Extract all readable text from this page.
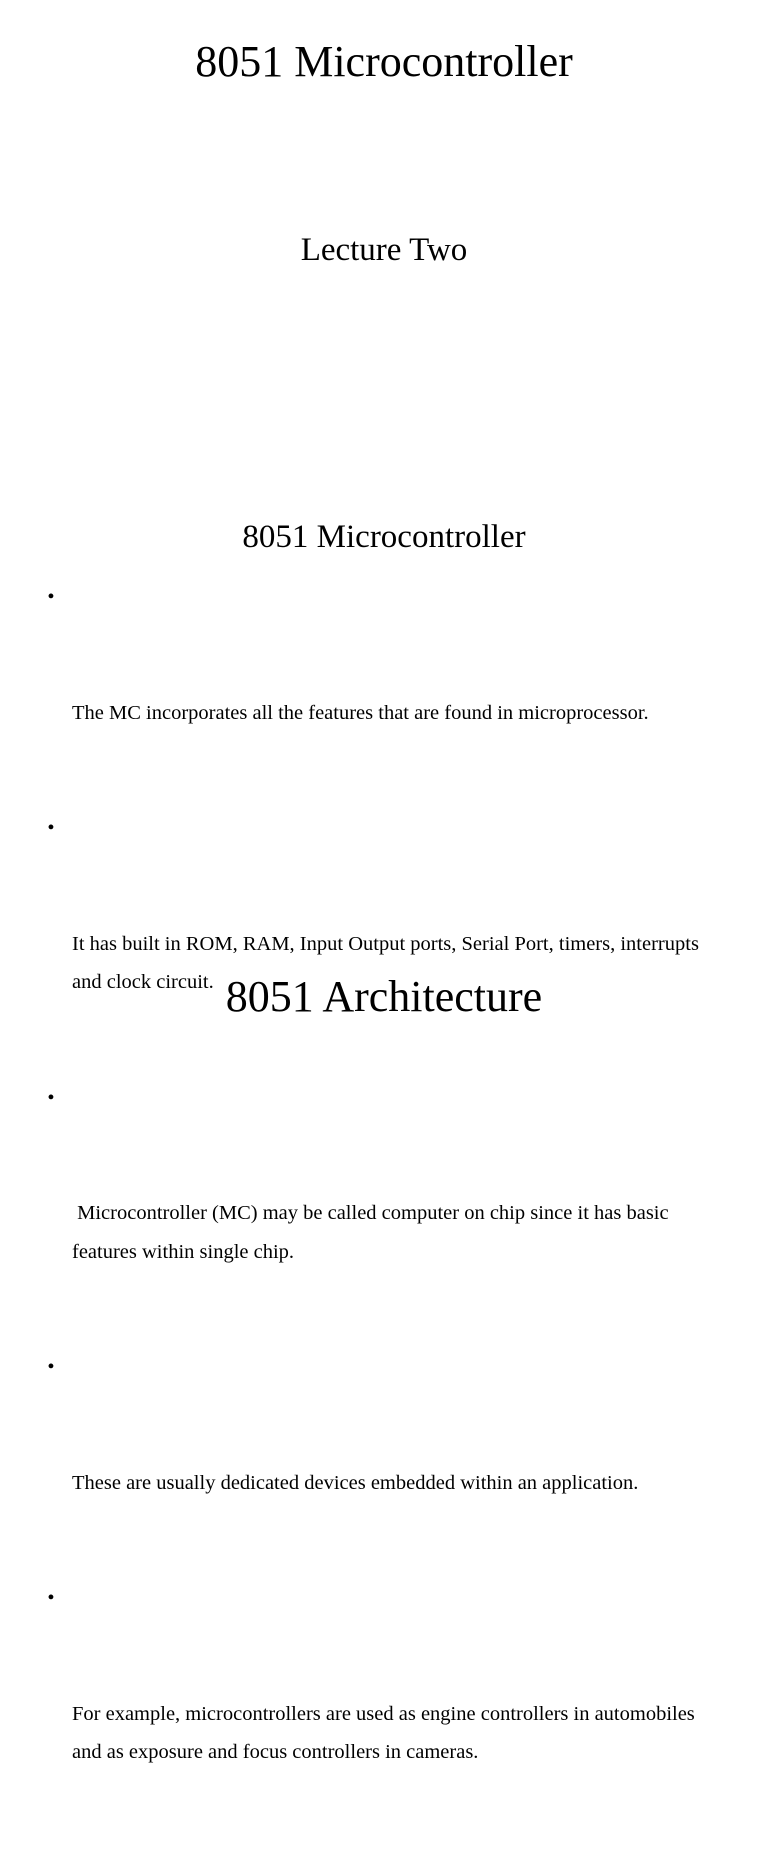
8051 Microcontroller
Lecture Two
8051 Microcontroller

•

The MC incorporates all the features that are found in microprocessor.

•

It has built in ROM, RAM, Input Output ports, Serial Port, timers, interrupts and clock circuit.

•

Microcontroller (MC) may be called computer on chip since it has basic features within single chip.

•

These are usually dedicated devices embedded within an application.

•

For example, microcontrollers are used as engine controllers in automobiles and as exposure and focus controllers in cameras.

8051 Architecture
